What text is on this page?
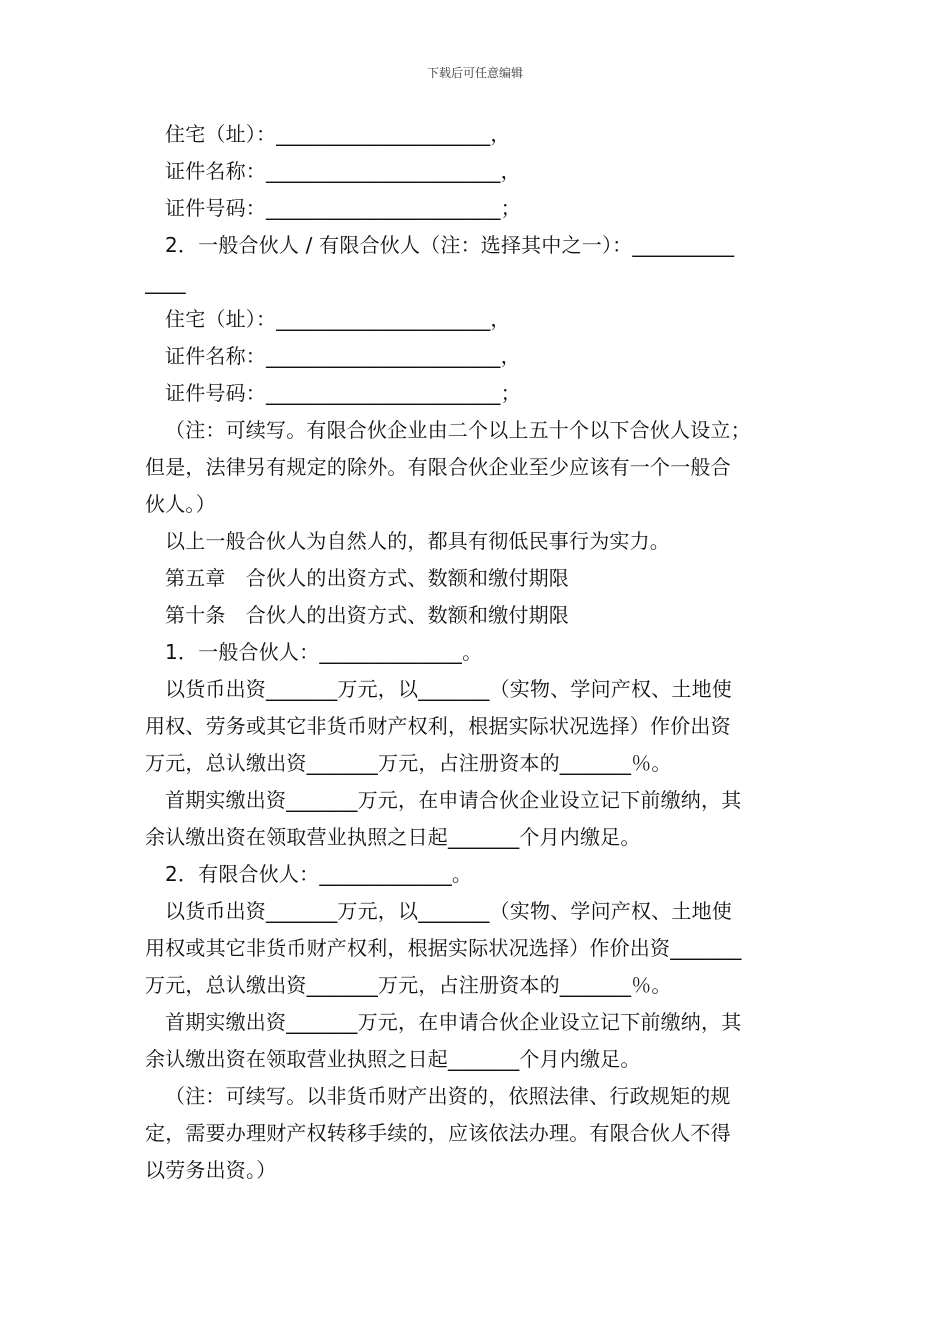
下载后可任意编辑
住宅（址）：_____________________，
证件名称：_______________________，
证件号码：_______________________；
2．一般合伙人 / 有限合伙人（注：选择其中之一）：__________
____
住宅（址）：_____________________，
证件名称：_______________________，
证件号码：_______________________；
（注：可续写。有限合伙企业由二个以上五十个以下合伙人设立；
但是，法律另有规定的除外。有限合伙企业至少应该有一个一般合
伙人。）
以上一般合伙人为自然人的，都具有彻低民事行为实力。
第五章　合伙人的出资方式、数额和缴付期限
第十条　合伙人的出资方式、数额和缴付期限
1．一般合伙人：______________。
以货币出资_______万元，以_______（实物、学问产权、土地使
用权、劳务或其它非货币财产权利，根据实际状况选择）作价出资
万元，总认缴出资_______万元，占注册资本的_______％。
首期实缴出资_______万元，在申请合伙企业设立记下前缴纳，其
余认缴出资在领取营业执照之日起_______个月内缴足。
2．有限合伙人：_____________。
以货币出资_______万元，以_______（实物、学问产权、土地使
用权或其它非货币财产权利，根据实际状况选择）作价出资_______
万元，总认缴出资_______万元，占注册资本的_______％。
首期实缴出资_______万元，在申请合伙企业设立记下前缴纳，其
余认缴出资在领取营业执照之日起_______个月内缴足。
（注：可续写。以非货币财产出资的，依照法律、行政规矩的规
定，需要办理财产权转移手续的，应该依法办理。有限合伙人不得
以劳务出资。）
